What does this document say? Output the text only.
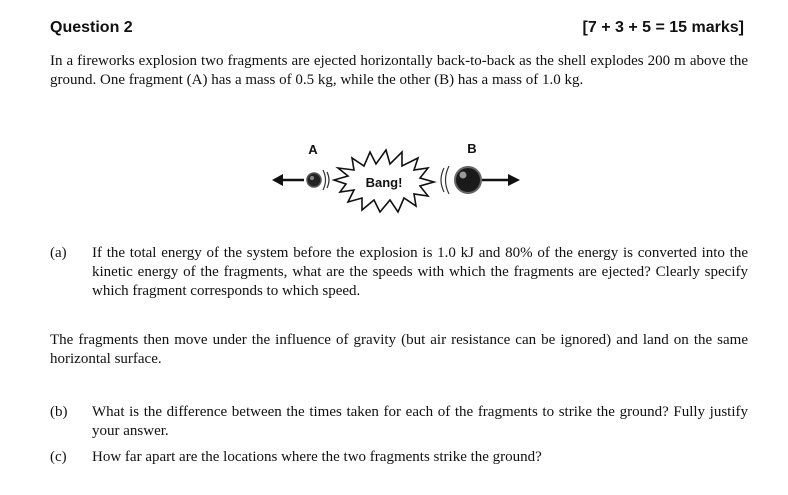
Question 2	[7 + 3 + 5 = 15 marks]
In a fireworks explosion two fragments are ejected horizontally back-to-back as the shell explodes 200 m above the ground. One fragment (A) has a mass of 0.5 kg, while the other (B) has a mass of 1.0 kg.
Bang!
A	B
(a) If the total energy of the system before the explosion is 1.0 kJ and 80% of the energy is converted into the kinetic energy of the fragments, what are the speeds with which the fragments are ejected? Clearly specify which fragment corresponds to which speed.
The fragments then move under the influence of gravity (but air resistance can be ignored) and land on the same horizontal surface.
(b) What is the difference between the times taken for each of the fragments to strike the ground? Fully justify your answer.
(c) How far apart are the locations where the two fragments strike the ground?
